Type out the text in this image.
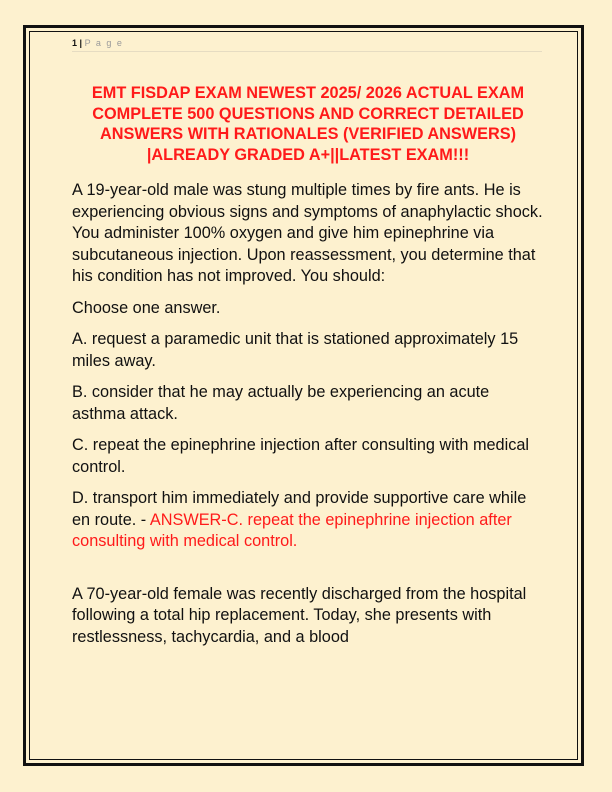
1 | P a g e
EMT FISDAP EXAM NEWEST 2025/ 2026 ACTUAL EXAM COMPLETE 500 QUESTIONS AND CORRECT DETAILED ANSWERS WITH RATIONALES (VERIFIED ANSWERS) |ALREADY GRADED A+||LATEST EXAM!!!

A 19-year-old male was stung multiple times by fire ants. He is experiencing obvious signs and symptoms of anaphylactic shock. You administer 100% oxygen and give him epinephrine via subcutaneous injection. Upon reassessment, you determine that his condition has not improved. You should:

Choose one answer.

A. request a paramedic unit that is stationed approximately 15 miles away.

B. consider that he may actually be experiencing an acute asthma attack.

C. repeat the epinephrine injection after consulting with medical control.

D. transport him immediately and provide supportive care while en route. - ANSWER-C. repeat the epinephrine injection after consulting with medical control.

A 70-year-old female was recently discharged from the hospital following a total hip replacement. Today, she presents with restlessness, tachycardia, and a blood
